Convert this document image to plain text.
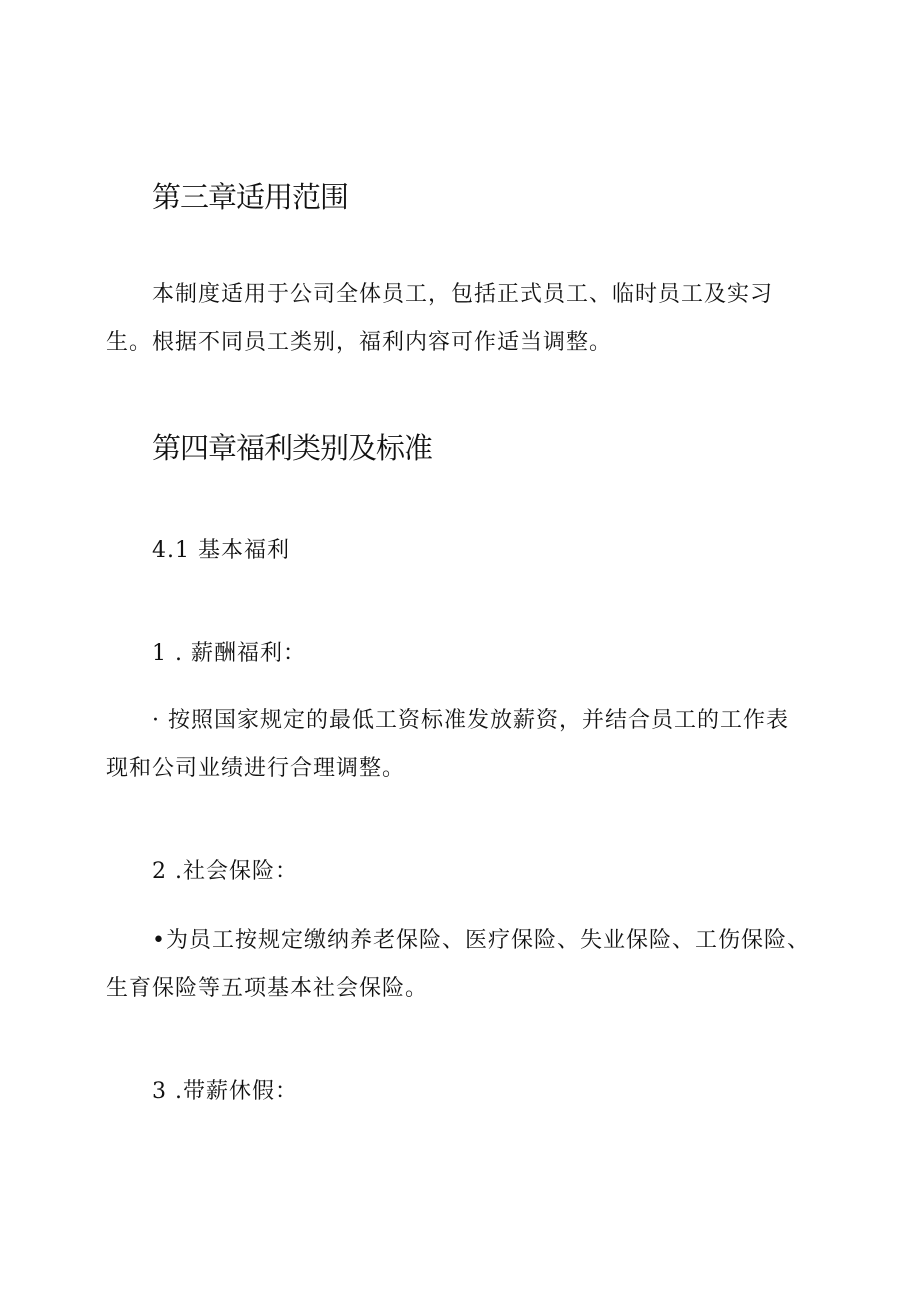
第三章适用范围
本制度适用于公司全体员工，包括正式员工、临时员工及实习
生。根据不同员工类别，福利内容可作适当调整。
第四章福利类别及标准
4.1 基本福利
1 . 薪酬福利：
· 按照国家规定的最低工资标准发放薪资，并结合员工的工作表
现和公司业绩进行合理调整。
2 .社会保险：
•为员工按规定缴纳养老保险、医疗保险、失业保险、工伤保险、
生育保险等五项基本社会保险。
3 .带薪休假：
